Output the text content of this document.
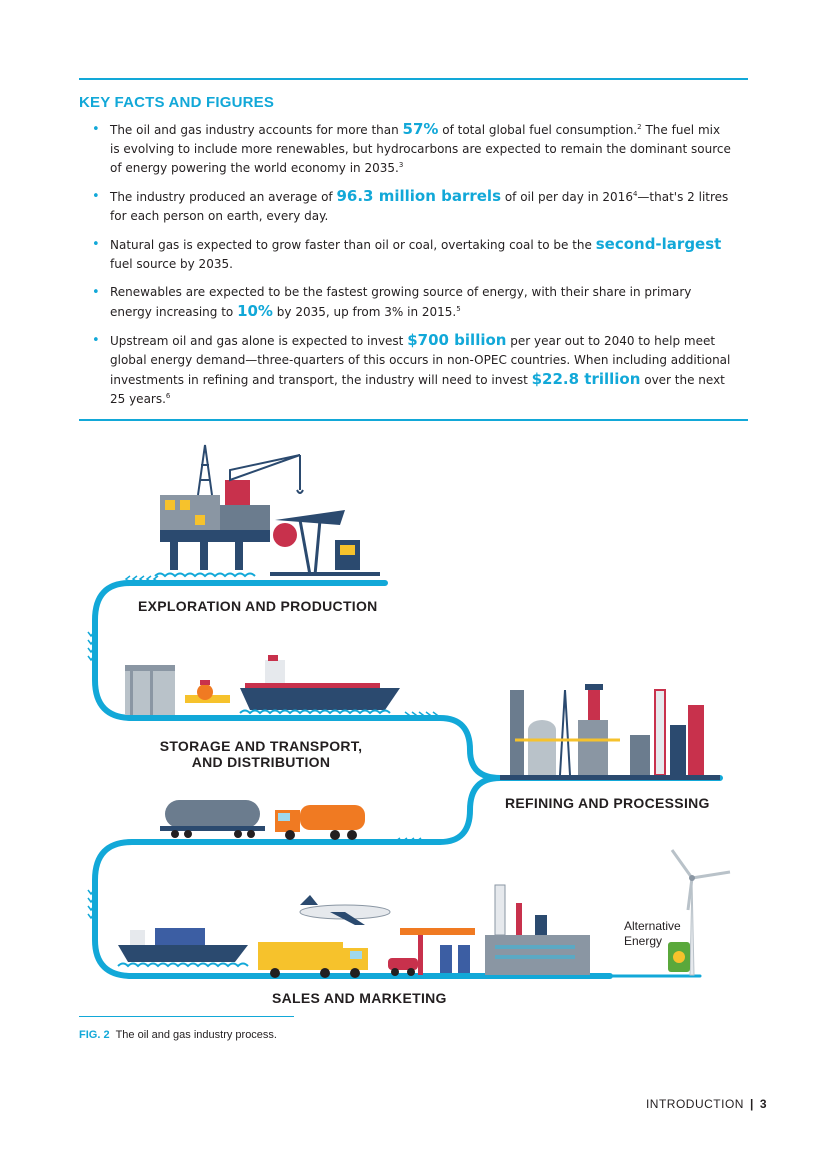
KEY FACTS AND FIGURES
• The oil and gas industry accounts for more than 57% of total global fuel consumption.$^2$ The fuel mix is evolving to include more renewables, but hydrocarbons are expected to remain the dominant source of energy powering the world economy in 2035.$^3$
• The industry produced an average of 96.3 million barrels of oil per day in 2016$^4$—that's 2 litres for each person on earth, every day.
• Natural gas is expected to grow faster than oil or coal, overtaking coal to be the second-largest fuel source by 2035.
• Renewables are expected to be the fastest growing source of energy, with their share in primary energy increasing to 10% by 2035, up from 3% in 2015.$^5$
• Upstream oil and gas alone is expected to invest $700 billion per year out to 2040 to help meet global energy demand—three-quarters of this occurs in non-OPEC countries. When including additional investments in refining and transport, the industry will need to invest $22.8 trillion over the next 25 years.$^6$
EXPLORATION AND PRODUCTION
STORAGE AND TRANSPORT,
AND DISTRIBUTION
REFINING AND PROCESSING
SALES AND MARKETING
Alternative
Energy
FIG. 2 The oil and gas industry process.
INTRODUCTION | 3
